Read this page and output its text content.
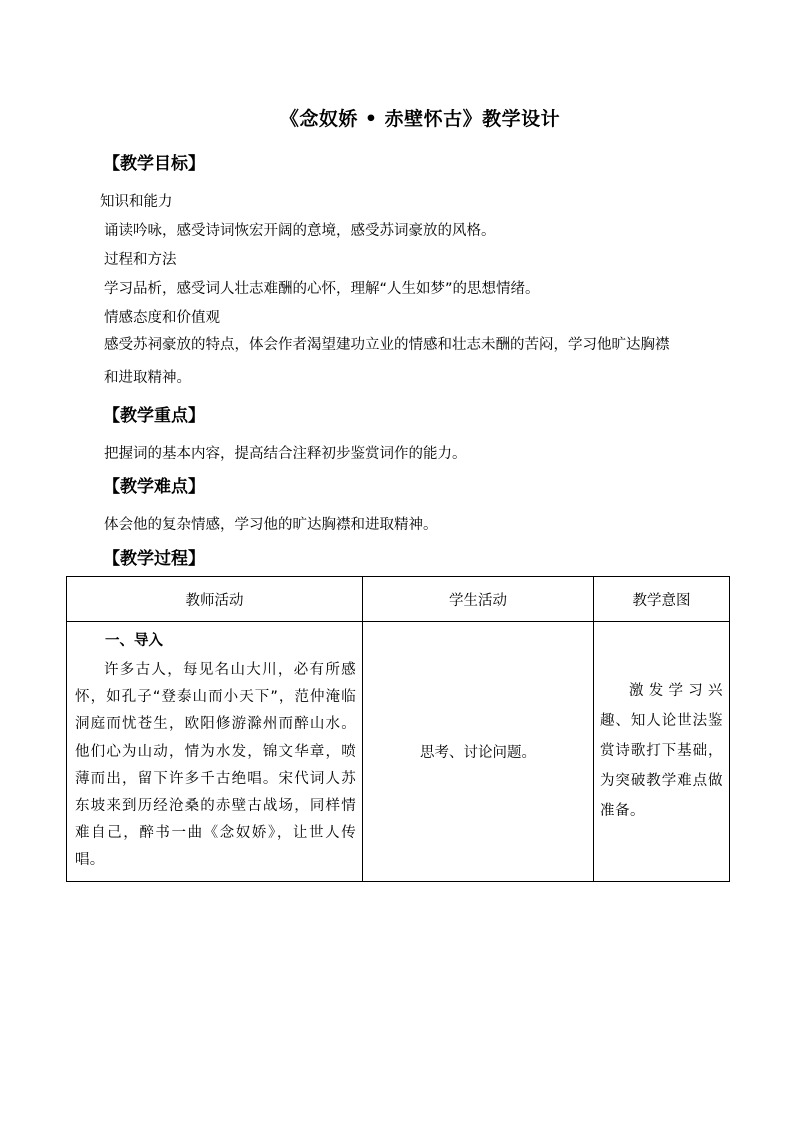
《念奴娇 • 赤壁怀古》教学设计
【教学目标】
知识和能力
诵读吟咏，感受诗词恢宏开阔的意境，感受苏词豪放的风格。
过程和方法
学习品析，感受词人壮志难酬的心怀，理解“人生如梦”的思想情绪。
情感态度和价值观
感受苏祠豪放的特点，体会作者渴望建功立业的情感和壮志未酬的苦闷，学习他旷达胸襟
和进取精神。
【教学重点】
把握词的基本内容，提高结合注释初步鉴赏词作的能力。
【教学难点】
体会他的复杂情感，学习他的旷达胸襟和进取精神。
【教学过程】
教师活动	学生活动	教学意图

一、导入
许多古人，每见名山大川，必有所感怀，如孔子“登泰山而小天下”，范仲淹临洞庭而忧苍生，欧阳修游滁州而醉山水。他们心为山动，情为水发，锦文华章，喷薄而出，留下许多千古绝唱。宋代词人苏东坡来到历经沧桑的赤壁古战场，同样情难自己，醉书一曲《念奴娇》，让世人传唱。	思考、讨论问题。	激发学习兴趣、知人论世法鉴赏诗歌打下基础，为突破教学难点做准备。
